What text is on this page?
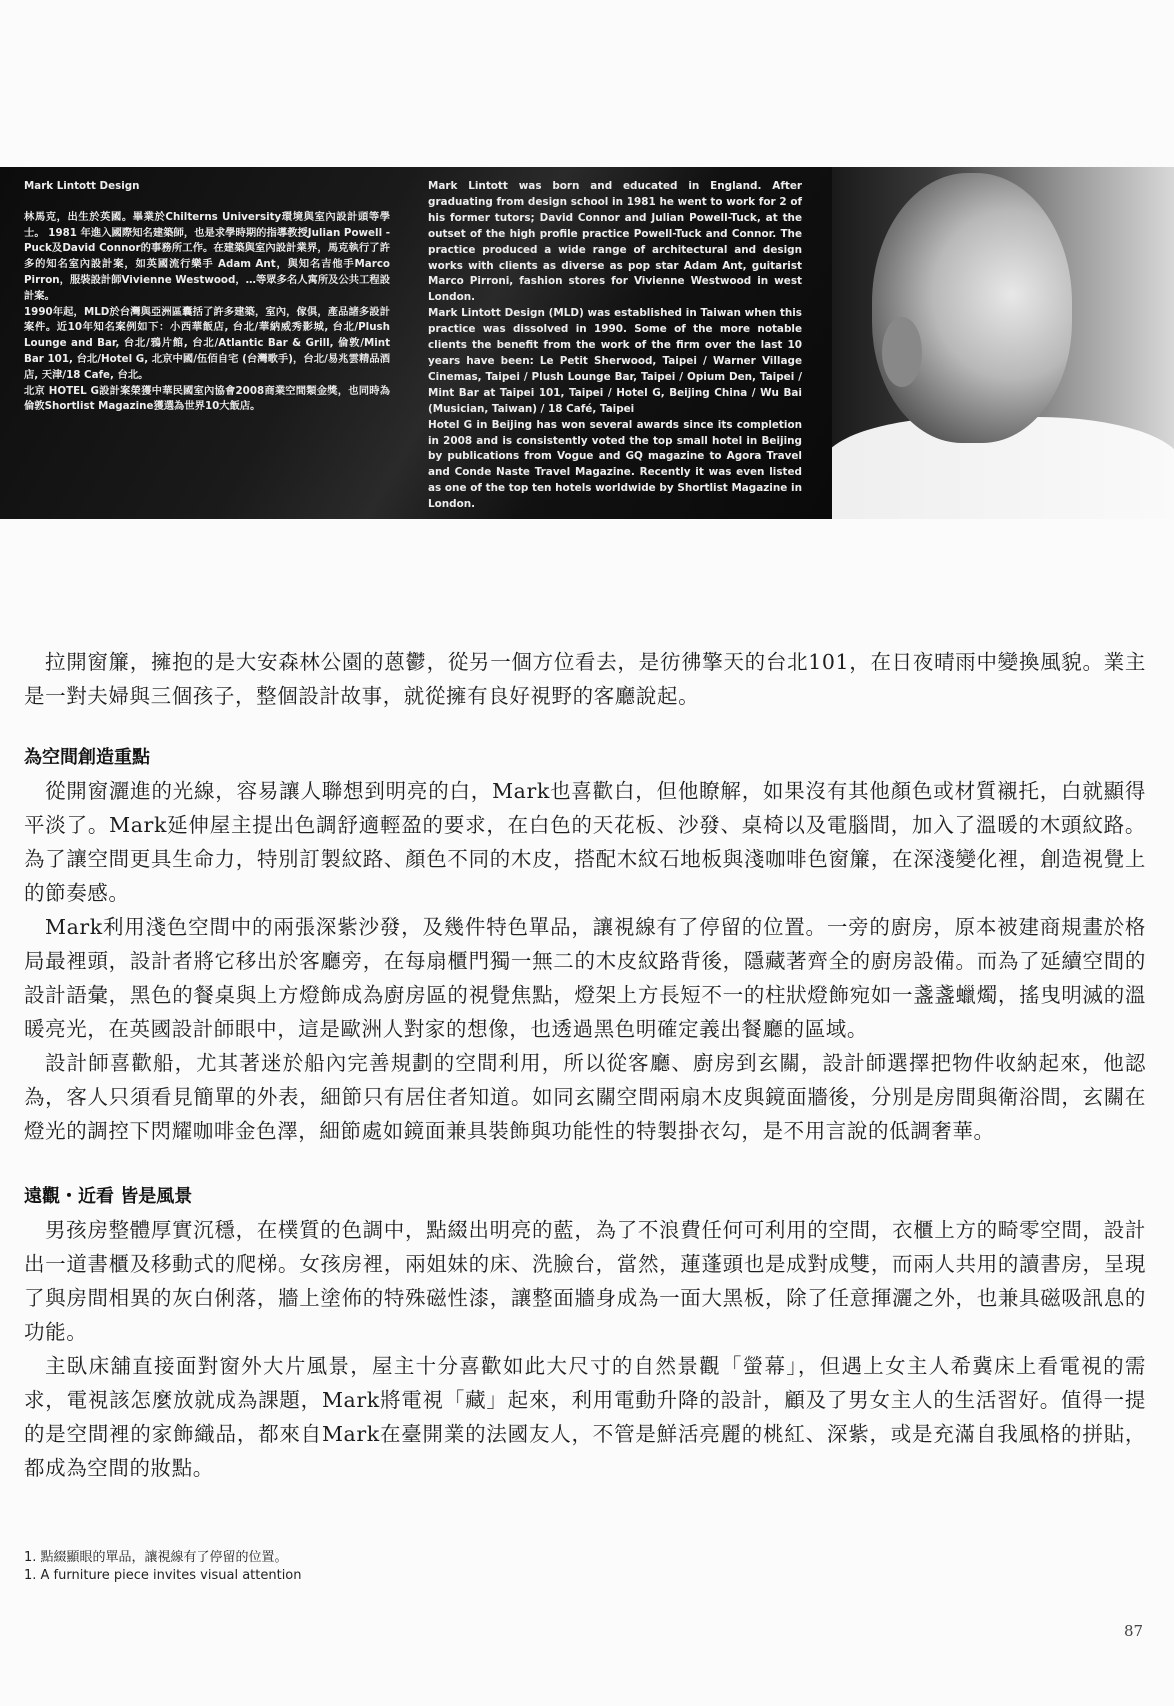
Mark Lintott Design

林馬克，出生於英國。畢業於Chilterns University環境與室內設計頭等學士。 1981 年進入國際知名建築師，也是求學時期的指導教授Julian Powell -Puck及David Connor的事務所工作。在建築與室內設計業界，馬克執行了許多的知名室內設計案，如英國流行樂手 Adam Ant，與知名吉他手Marco Pirron，服裝設計師Vivienne Westwood，…等眾多名人寓所及公共工程設計案。

1990年起，MLD於台灣與亞洲區囊括了許多建築，室內，傢俱，產品諸多設計案件。近10年知名案例如下：小西華飯店, 台北/華納威秀影城, 台北/Plush Lounge and Bar, 台北/鴉片館, 台北/Atlantic Bar & Grill, 倫敦/Mint Bar 101, 台北/Hotel G, 北京中國/伍佰自宅 (台灣歌手)，台北/易兆雲精品酒店, 天津/18 Cafe, 台北。

北京 HOTEL G設計案榮獲中華民國室內協會2008商業空間類金獎，也同時為倫敦Shortlist Magazine獲選為世界10大飯店。

Mark Lintott was born and educated in England. After graduating from design school in 1981 he went to work for 2 of his former tutors; David Connor and Julian Powell-Tuck, at the outset of the high profile practice Powell-Tuck and Connor. The practice produced a wide range of architectural and design works with clients as diverse as pop star Adam Ant, guitarist Marco Pirroni, fashion stores for Vivienne Westwood in west London.

Mark Lintott Design (MLD) was established in Taiwan when this practice was dissolved in 1990. Some of the more notable clients the benefit from the work of the firm over the last 10 years have been: Le Petit Sherwood, Taipei / Warner Village Cinemas, Taipei / Plush Lounge Bar, Taipei / Opium Den, Taipei / Mint Bar at Taipei 101, Taipei / Hotel G, Beijing China / Wu Bai (Musician, Taiwan) / 18 Café, Taipei

Hotel G in Beijing has won several awards since its completion in 2008 and is consistently voted the top small hotel in Beijing by publications from Vogue and GQ magazine to Agora Travel and Conde Naste Travel Magazine. Recently it was even listed as one of the top ten hotels worldwide by Shortlist Magazine in London.

拉開窗簾，擁抱的是大安森林公園的蒽鬱，從另一個方位看去，是彷彿擎天的台北101，在日夜晴雨中變換風貌。業主是一對夫婦與三個孩子，整個設計故事，就從擁有良好視野的客廳說起。

為空間創造重點

從開窗灑進的光線，容易讓人聯想到明亮的白，Mark也喜歡白，但他瞭解，如果沒有其他顏色或材質襯托，白就顯得平淡了。Mark延伸屋主提出色調舒適輕盈的要求，在白色的天花板、沙發、桌椅以及電腦間，加入了溫暖的木頭紋路。為了讓空間更具生命力，特別訂製紋路、顏色不同的木皮，搭配木紋石地板與淺咖啡色窗簾，在深淺變化裡，創造視覺上的節奏感。

Mark利用淺色空間中的兩張深紫沙發，及幾件特色單品，讓視線有了停留的位置。一旁的廚房，原本被建商規畫於格局最裡頭，設計者將它移出於客廳旁，在每扇櫃門獨一無二的木皮紋路背後，隱藏著齊全的廚房設備。而為了延續空間的設計語彙，黑色的餐桌與上方燈飾成為廚房區的視覺焦點，燈架上方長短不一的柱狀燈飾宛如一盞盞蠟燭，搖曳明滅的溫暖亮光，在英國設計師眼中，這是歐洲人對家的想像，也透過黑色明確定義出餐廳的區域。

設計師喜歡船，尤其著迷於船內完善規劃的空間利用，所以從客廳、廚房到玄關，設計師選擇把物件收納起來，他認為，客人只須看見簡單的外表，細節只有居住者知道。如同玄關空間兩扇木皮與鏡面牆後，分別是房間與衛浴間，玄關在燈光的調控下閃耀咖啡金色澤，細節處如鏡面兼具裝飾與功能性的特製掛衣勾，是不用言說的低調奢華。

遠觀・近看 皆是風景

男孩房整體厚實沉穩，在樸質的色調中，點綴出明亮的藍，為了不浪費任何可利用的空間，衣櫃上方的畸零空間，設計出一道書櫃及移動式的爬梯。女孩房裡，兩姐妹的床、洗臉台，當然，蓮蓬頭也是成對成雙，而兩人共用的讀書房，呈現了與房間相異的灰白俐落，牆上塗佈的特殊磁性漆，讓整面牆身成為一面大黑板，除了任意揮灑之外，也兼具磁吸訊息的功能。

主臥床舖直接面對窗外大片風景，屋主十分喜歡如此大尺寸的自然景觀「螢幕」，但遇上女主人希冀床上看電視的需求，電視該怎麼放就成為課題，Mark將電視「藏」起來，利用電動升降的設計，顧及了男女主人的生活習好。值得一提的是空間裡的家飾織品，都來自Mark在臺開業的法國友人，不管是鮮活亮麗的桃紅、深紫，或是充滿自我風格的拼貼，都成為空間的妝點。

1. 點綴顯眼的單品，讓視線有了停留的位置。
1. A furniture piece invites visual attention
87
